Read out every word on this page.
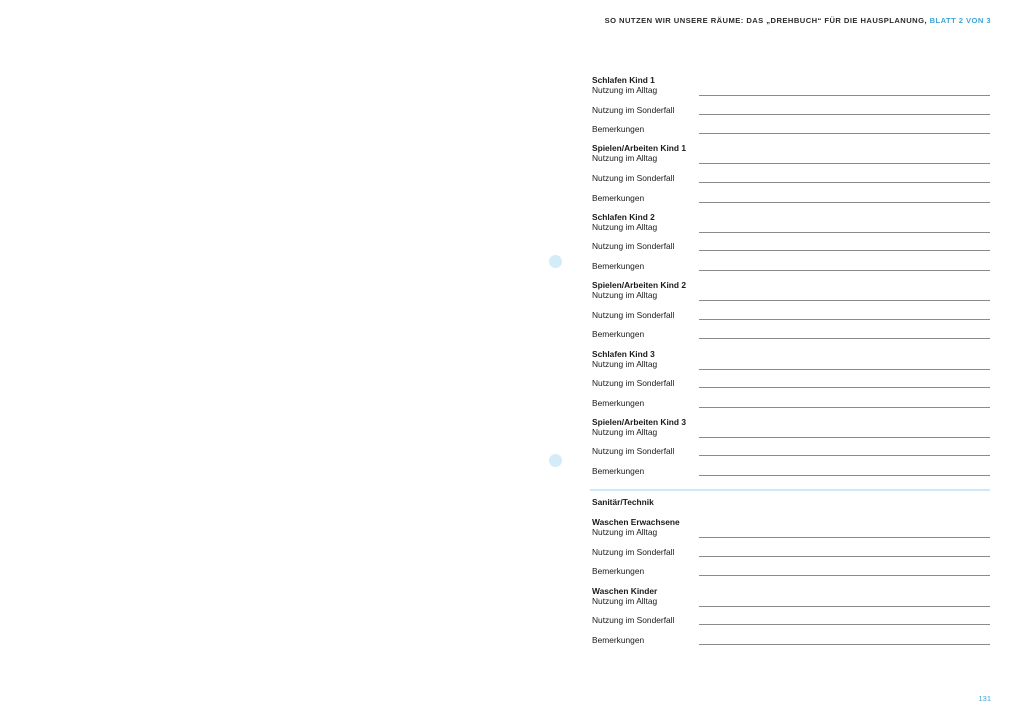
SO NUTZEN WIR UNSERE RÄUME: DAS „DREHBUCH“ FÜR DIE HAUSPLANUNG, BLATT 2 VON 3
Schlafen Kind 1
Nutzung im Alltag
Nutzung im Sonderfall
Bemerkungen
Spielen/Arbeiten Kind 1
Nutzung im Alltag
Nutzung im Sonderfall
Bemerkungen
Schlafen Kind 2
Nutzung im Alltag
Nutzung im Sonderfall
Bemerkungen
Spielen/Arbeiten Kind 2
Nutzung im Alltag
Nutzung im Sonderfall
Bemerkungen
Schlafen Kind 3
Nutzung im Alltag
Nutzung im Sonderfall
Bemerkungen
Spielen/Arbeiten Kind 3
Nutzung im Alltag
Nutzung im Sonderfall
Bemerkungen
Sanitär/Technik
Waschen Erwachsene
Nutzung im Alltag
Nutzung im Sonderfall
Bemerkungen
Waschen Kinder
Nutzung im Alltag
Nutzung im Sonderfall
Bemerkungen
131
